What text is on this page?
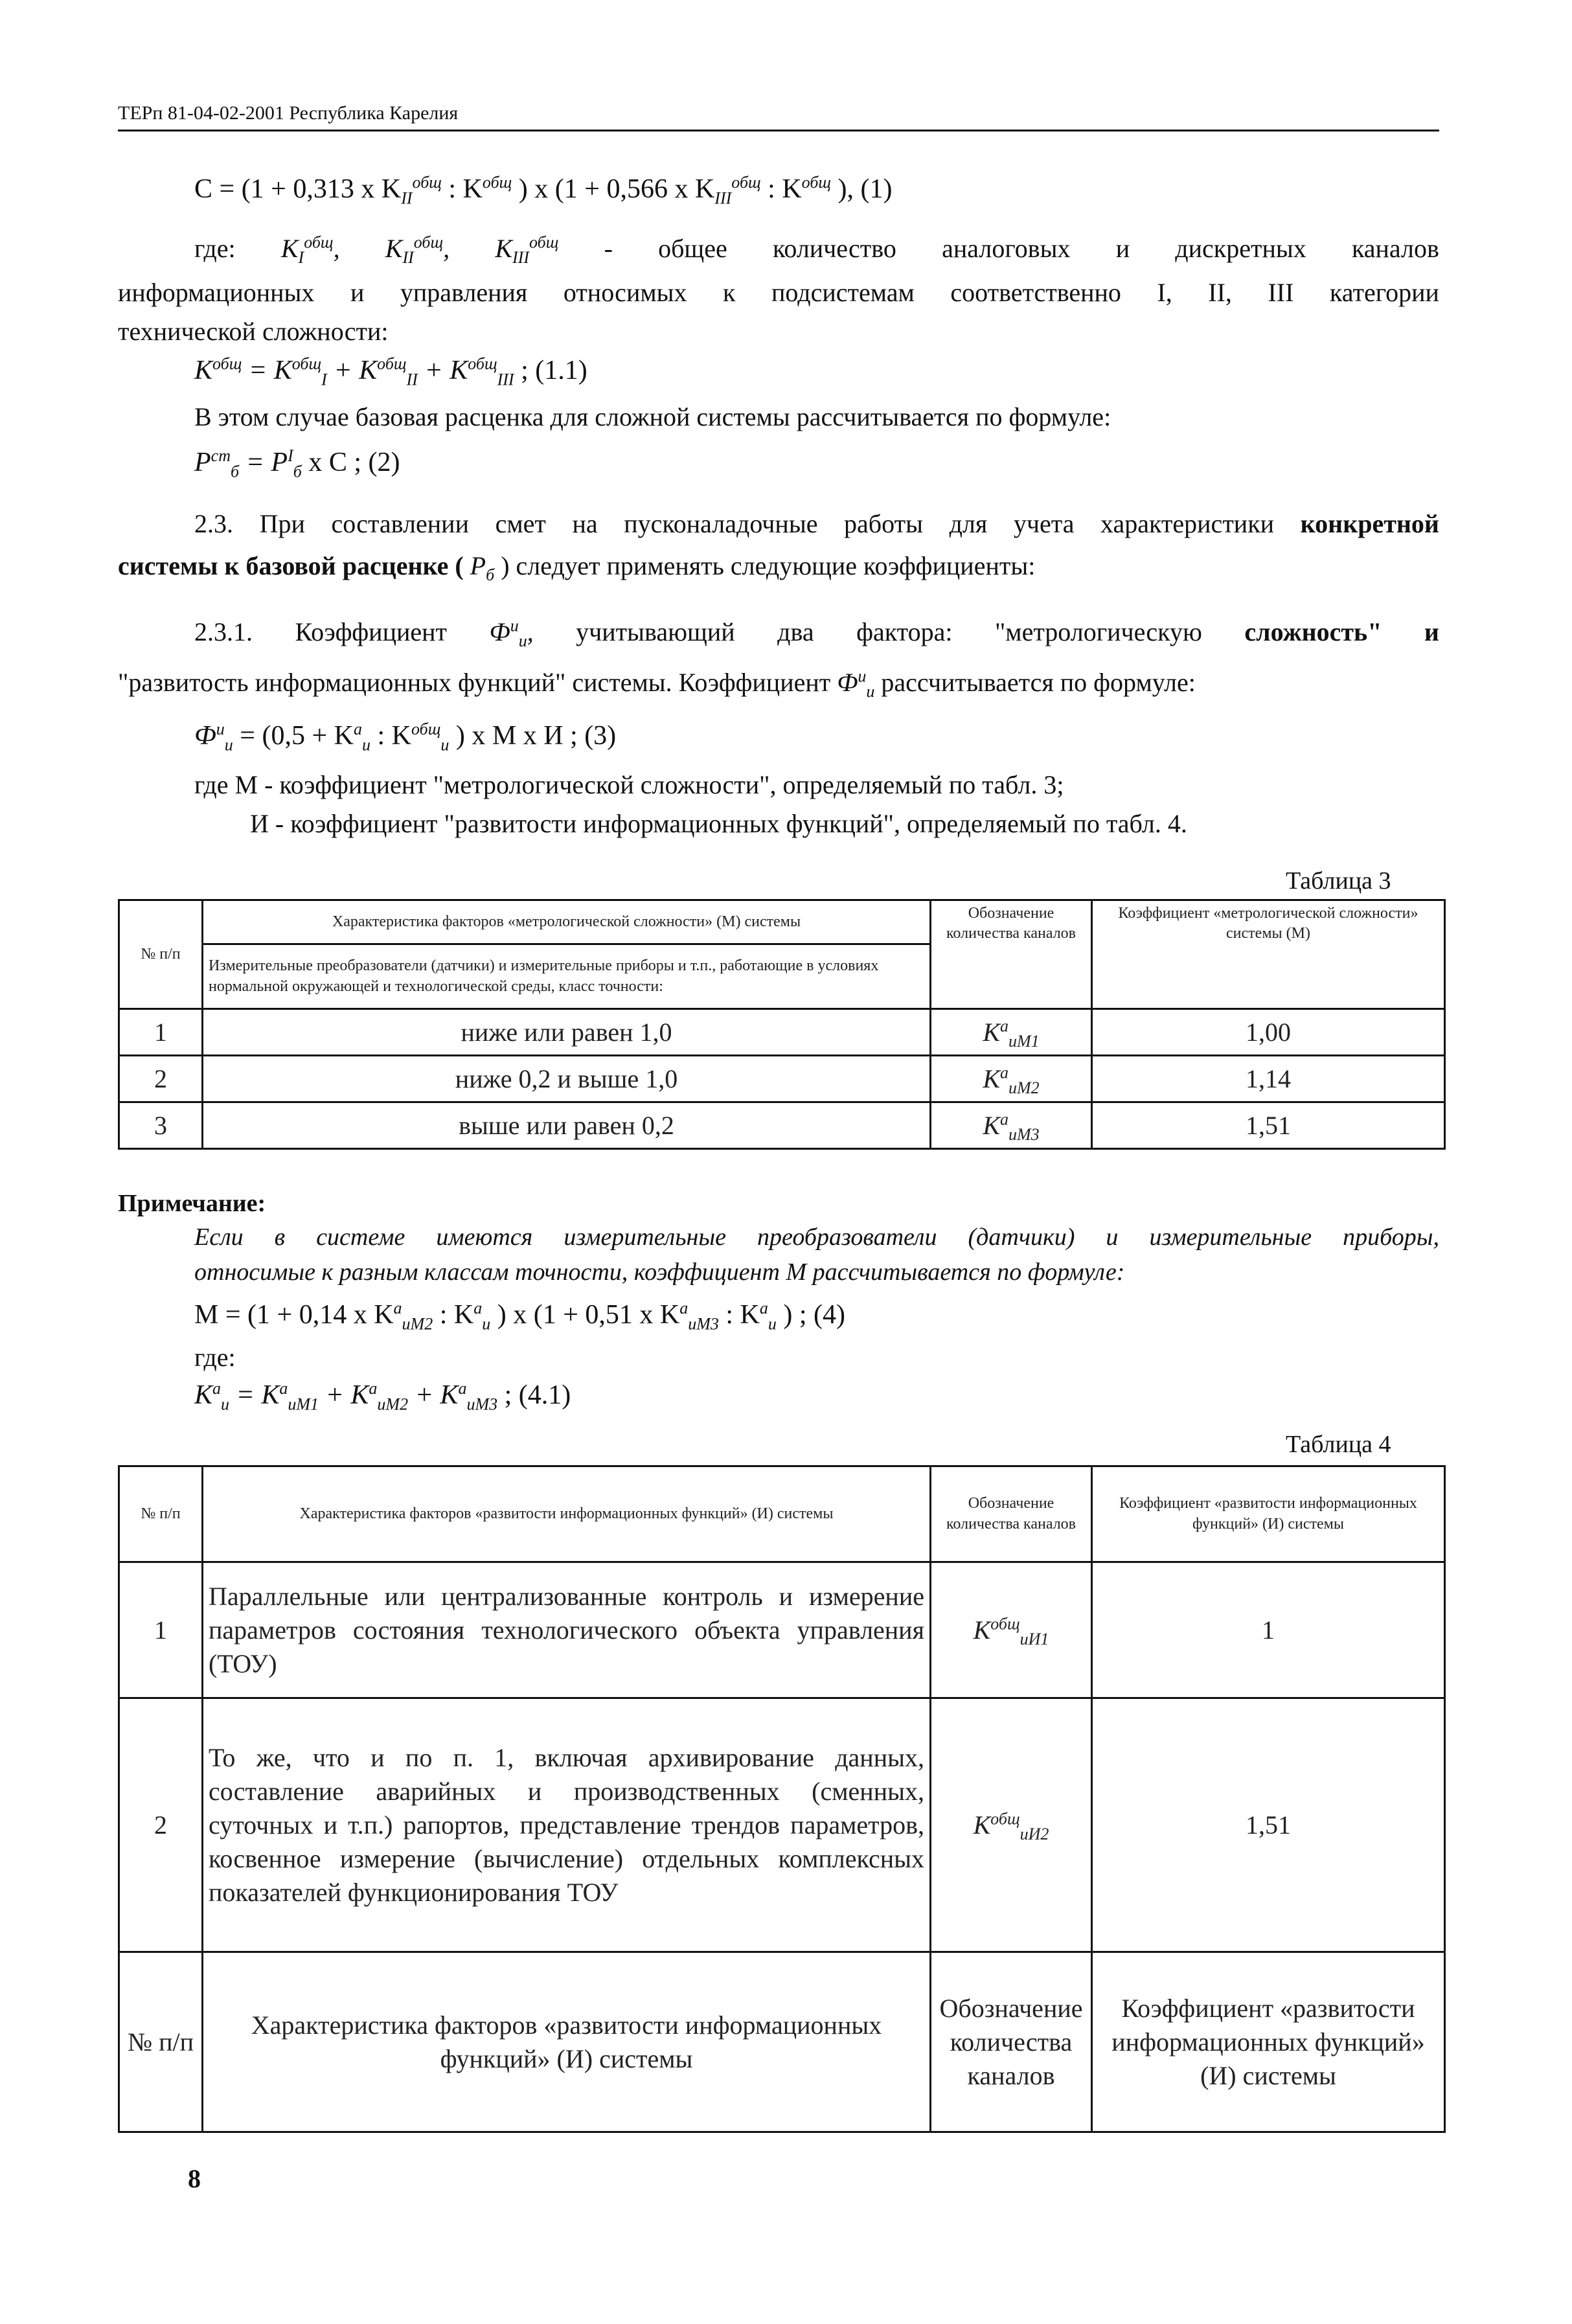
ТЕРп 81-04-02-2001 Республика Карелия
C = (1 + 0,313 x $K_{II}^{общ}$ : $K^{общ}$ ) x (1 + 0,566 x $K_{III}^{общ}$ : $K^{общ}$ ), (1)
где: $K_I^{общ}$, $K_{II}^{общ}$, $K_{III}^{общ}$ - общее количество аналоговых и дискретных каналов
информационных и управления относимых к подсистемам соответственно I, II, III категории
технической сложности:
$K^{общ} = K^{общ}_I + K^{общ}_{II} + K^{общ}_{III}$ ; (1.1)
В этом случае базовая расценка для сложной системы рассчитывается по формуле:
$P^{ст}_б = P^I_б$ x C ; (2)
2.3. При составлении смет на пусконаладочные работы для учета характеристики конкретной
системы к базовой расценке ( $P_б$ ) следует применять следующие коэффициенты:
2.3.1. Коэффициент $Ф^и_и$, учитывающий два фактора: "метрологическую сложность" и
"развитость информационных функций" системы. Коэффициент $Ф^и_и$ рассчитывается по формуле:
$Ф^и_и = (0,5 + K^а_и$ : $K^{общ}_и$ ) x M x И ; (3)
где М - коэффициент "метрологической сложности", определяемый по табл. 3;
И - коэффициент "развитости информационных функций", определяемый по табл. 4.
Таблица 3
№ п/п	Характеристика факторов «метрологической сложности» (М) системы	Обозначение количества каналов	Коэффициент «метрологической сложности» системы (М)
	Измерительные преобразователи (датчики) и измерительные приборы и т.п., работающие в условиях нормальной окружающей и технологической среды, класс точности:		
1	ниже или равен 1,0	$K^а_{иМ1}$	1,00
2	ниже 0,2 и выше 1,0	$K^а_{иМ2}$	1,14
3	выше или равен 0,2	$K^а_{иМ3}$	1,51
Примечание:
Если в системе имеются измерительные преобразователи (датчики) и измерительные приборы,
относимые к разным классам точности, коэффициент М рассчитывается по формуле:
M = (1 + 0,14 x $K^а_{иМ2}$ : $K^а_и$ ) x (1 + 0,51 x $K^а_{иМ3}$ : $K^а_и$ ) ; (4)
где:
$K^а_и = K^а_{иМ1} + K^а_{иМ2} + K^а_{иМ3}$ ; (4.1)
Таблица 4
№ п/п	Характеристика факторов «развитости информационных функций» (И) системы	Обозначение количества каналов	Коэффициент «развитости информационных функций» (И) системы
1	Параллельные или централизованные контроль и измерение параметров состояния технологического объекта управления (ТОУ)	$K^{общ}_{иИ1}$	1
2	То же, что и по п. 1, включая архивирование данных, составление аварийных и производственных (сменных, суточных и т.п.) рапортов, представление трендов параметров, косвенное измерение (вычисление) отдельных комплексных показателей функционирования ТОУ	$K^{общ}_{иИ2}$	1,51
№ п/п	Характеристика факторов «развитости информационных функций» (И) системы	Обозначение количества каналов	Коэффициент «развитости информационных функций» (И) системы
8
